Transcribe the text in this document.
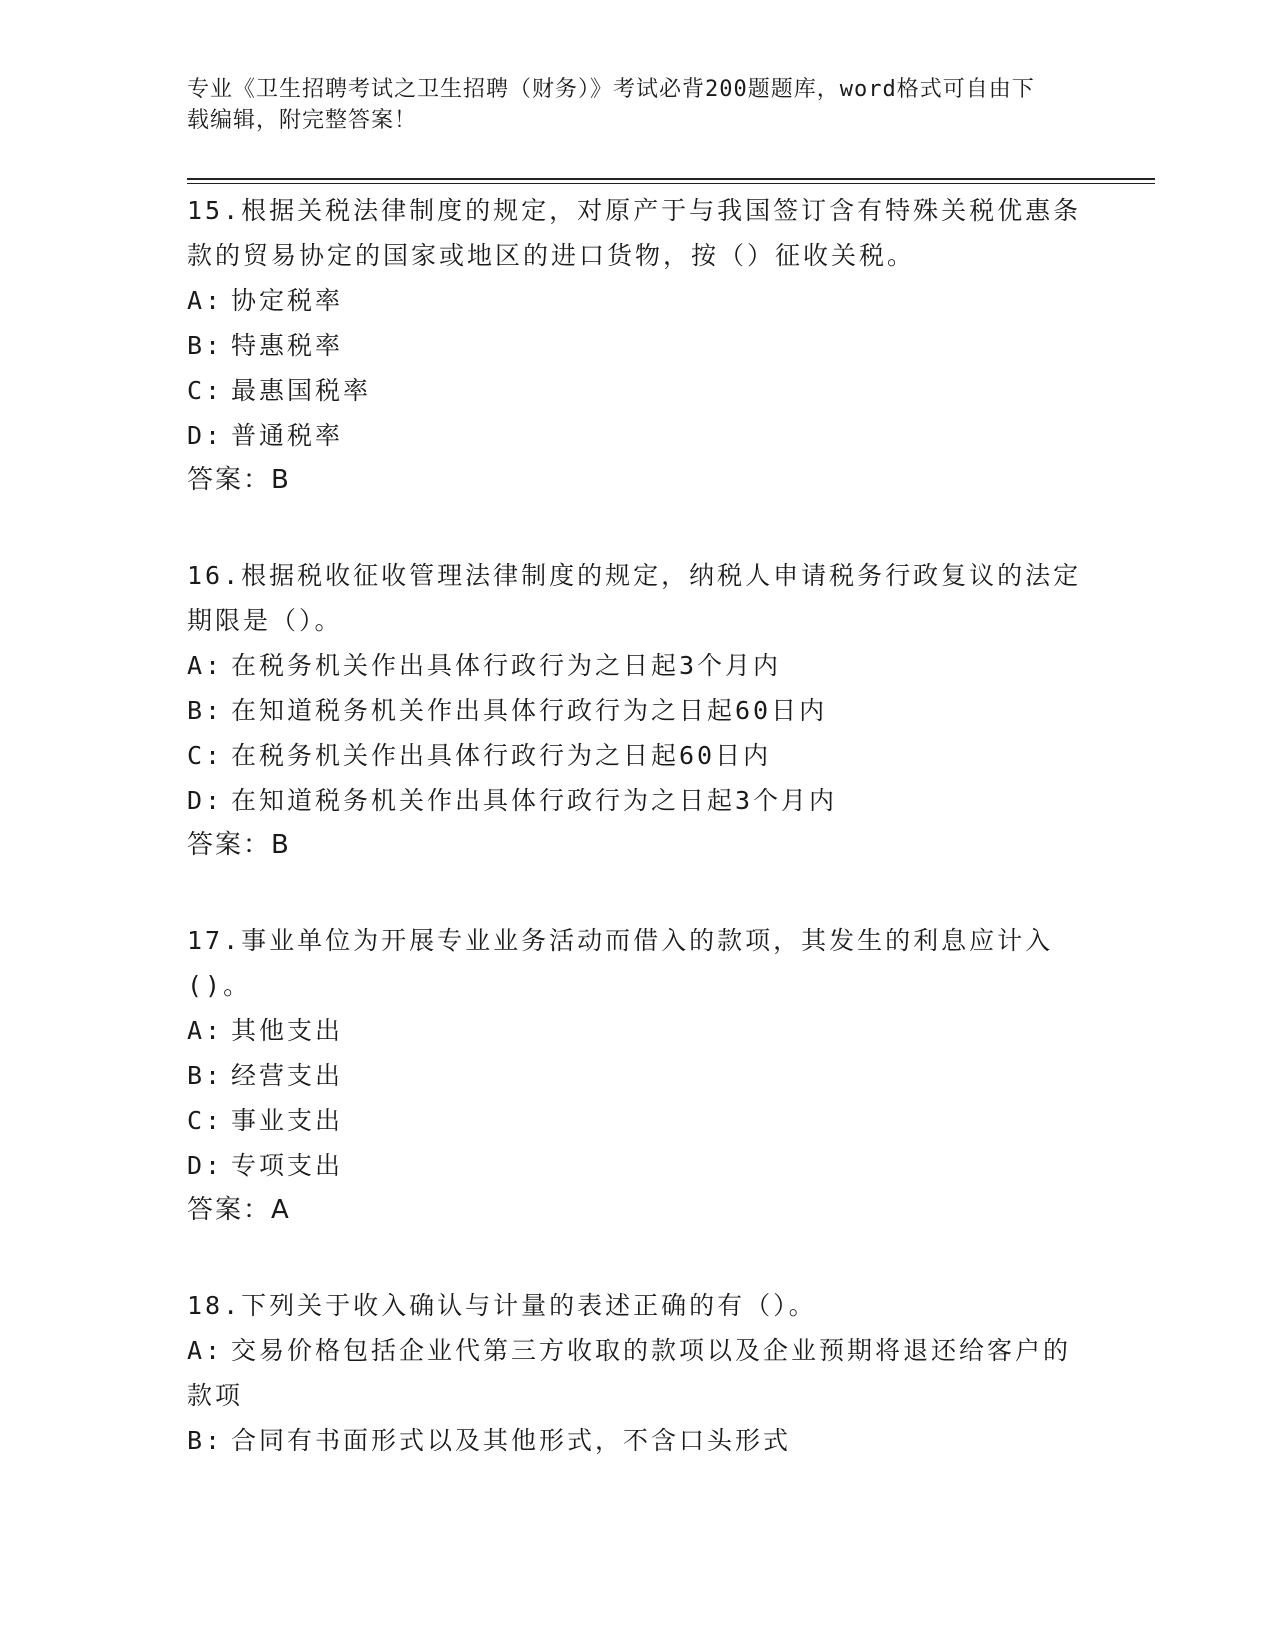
专业《卫生招聘考试之卫生招聘（财务）》考试必背200题题库，word格式可自由下载编辑，附完整答案！

15.根据关税法律制度的规定，对原产于与我国签订含有特殊关税优惠条款的贸易协定的国家或地区的进口货物，按（）征收关税。

A: 协定税率

B: 特惠税率

C: 最惠国税率

D: 普通税率

答案：B

16.根据税收征收管理法律制度的规定，纳税人申请税务行政复议的法定期限是（）。

A: 在税务机关作出具体行政行为之日起3个月内

B: 在知道税务机关作出具体行政行为之日起60日内

C: 在税务机关作出具体行政行为之日起60日内

D: 在知道税务机关作出具体行政行为之日起3个月内

答案：B

17.事业单位为开展专业业务活动而借入的款项，其发生的利息应计入()。

A: 其他支出

B: 经营支出

C: 事业支出

D: 专项支出

答案：A

18.下列关于收入确认与计量的表述正确的有（）。

A: 交易价格包括企业代第三方收取的款项以及企业预期将退还给客户的款项

B: 合同有书面形式以及其他形式，不含口头形式
